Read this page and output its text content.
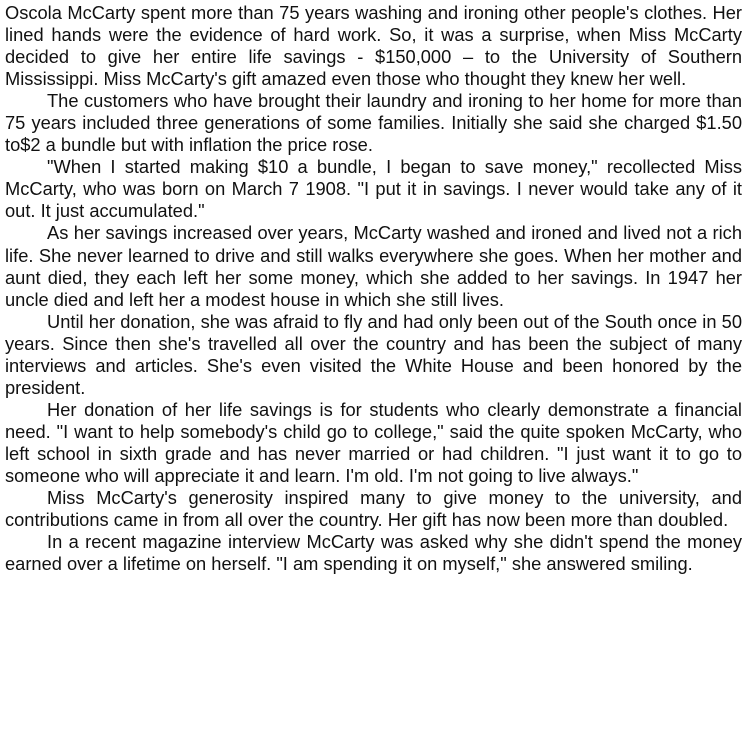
Oscola McCarty spent more than 75 years washing and ironing other people's clothes. Her lined hands were the evidence of hard work. So, it was a surprise, when Miss McCarty decided to give her entire life savings - $150,000 – to the University of Southern Mississippi. Miss McCarty's gift amazed even those who thought they knew her well.

The customers who have brought their laundry and ironing to her home for more than 75 years included three generations of some families. Initially she said she charged $1.50 to$2 a bundle but with inflation the price rose.

"When I started making $10 a bundle, I began to save money," recollected Miss McCarty, who was born on March 7 1908. "I put it in savings. I never would take any of it out. It just accumulated."

As her savings increased over years, McCarty washed and ironed and lived not a rich life. She never learned to drive and still walks everywhere she goes. When her mother and aunt died, they each left her some money, which she added to her savings. In 1947 her uncle died and left her a modest house in which she still lives.

Until her donation, she was afraid to fly and had only been out of the South once in 50 years. Since then she's travelled all over the country and has been the subject of many interviews and articles. She's even visited the White House and been honored by the president.

Her donation of her life savings is for students who clearly demonstrate a financial need. "I want to help somebody's child go to college," said the quite spoken McCarty, who left school in sixth grade and has never married or had children. "I just want it to go to someone who will appreciate it and learn. I'm old. I'm not going to live always."

Miss McCarty's generosity inspired many to give money to the university, and contributions came in from all over the country. Her gift has now been more than doubled.

In a recent magazine interview McCarty was asked why she didn't spend the money earned over a lifetime on herself. "I am spending it on myself," she answered smiling.
